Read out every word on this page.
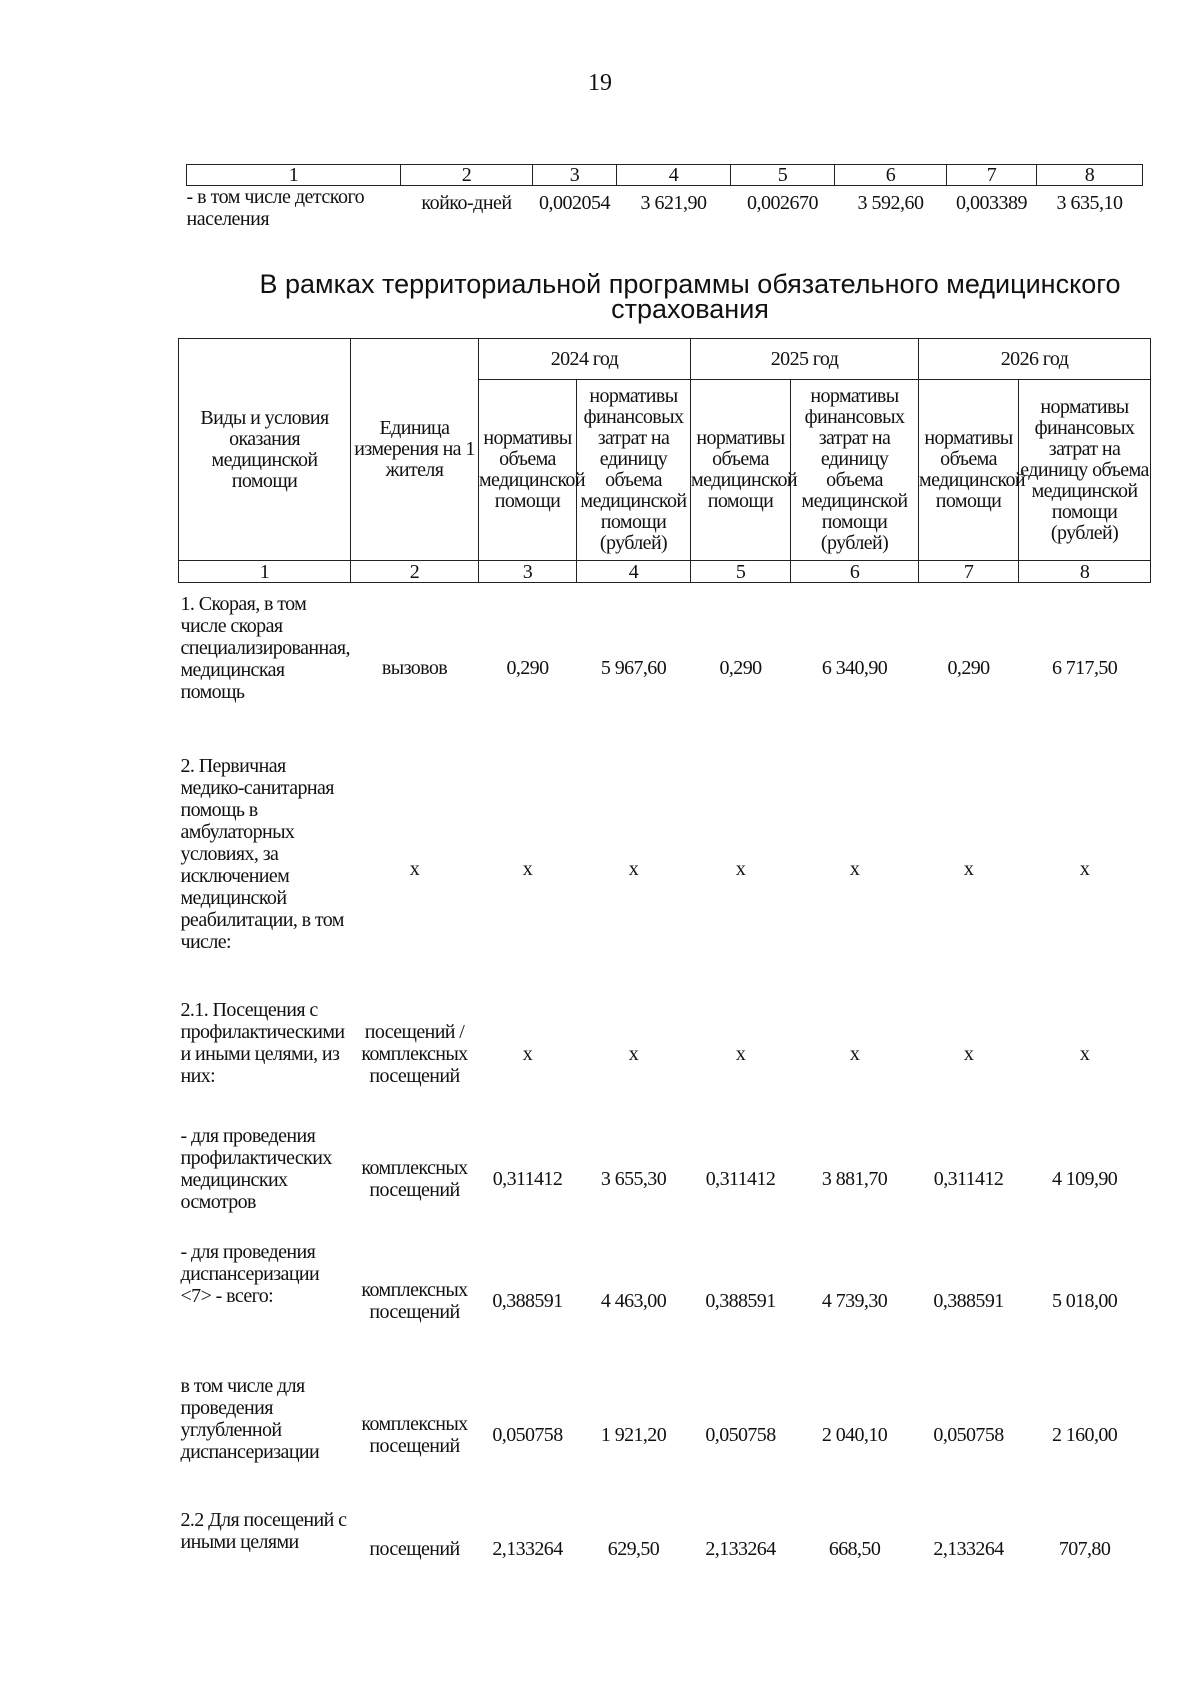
19
1	2	3	4	5	6	7	8
- в том числе детского населения	койко-дней	0,002054	3 621,90	0,002670	3 592,60	0,003389	3 635,10
В рамках территориальной программы обязательного медицинского страхования
Виды и условия оказания медицинской помощи	Единица измерения на 1 жителя	2024 год		2025 год		2026 год	
		нормативы объема медицинской помощи	нормативы финансовых затрат на единицу объема медицинской помощи (рублей)	нормативы объема медицинской помощи	нормативы финансовых затрат на единицу объема медицинской помощи (рублей)	нормативы объема медицинской помощи	нормативы финансовых затрат на единицу объема медицинской помощи (рублей)
1	2	3	4	5	6	7	8
1. Скорая, в том числе скорая специализированная, медицинская помощь	вызовов	0,290	5 967,60	0,290	6 340,90	0,290	6 717,50
2. Первичная медико-санитарная помощь в амбулаторных условиях, за исключением медицинской реабилитации, в том числе:	х	х	х	х	х	х	х
2.1. Посещения с профилактическими и иными целями, из них:	посещений / комплексных посещений	х	х	х	х	х	х
- для проведения профилактических медицинских осмотров	комплексных посещений	0,311412	3 655,30	0,311412	3 881,70	0,311412	4 109,90
- для проведения диспансеризации <7> - всего:	комплексных посещений	0,388591	4 463,00	0,388591	4 739,30	0,388591	5 018,00
в том числе для проведения углубленной диспансеризации	комплексных посещений	0,050758	1 921,20	0,050758	2 040,10	0,050758	2 160,00
2.2 Для посещений с иными целями	посещений	2,133264	629,50	2,133264	668,50	2,133264	707,80
